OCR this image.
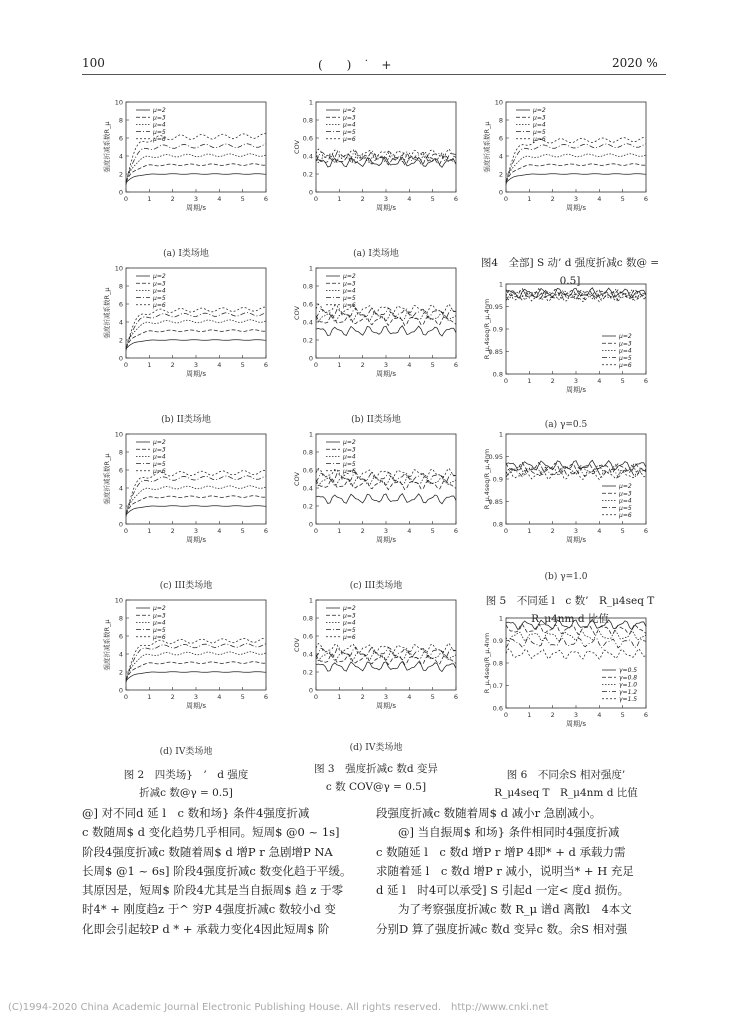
100	(　　)　˙　+	2020 %
0	1	2	3	4	5	6
0
2
4
6
8
10
周期/s
强度折减系数R_μ
μ=2
μ=3
μ=4
μ=5
μ=6
0	1	2	3	4	5	6
0
0.2
0.4
0.6
0.8
1
周期/s
COV
μ=2
μ=3
μ=4
μ=5
μ=6
0	1	2	3	4	5	6
0
2
4
6
8
10
周期/s
强度折减系数R_μ
μ=2
μ=3
μ=4
μ=5
μ=6
0	1	2	3	4	5	6
0
2
4
6
8
10
周期/s
强度折减系数R_μ
μ=2
μ=3
μ=4
μ=5
μ=6
0	1	2	3	4	5	6
0
0.2
0.4
0.6
0.8
1
周期/s
COV
μ=2
μ=3
μ=4
μ=5
μ=6
0	1	2	3	4	5	6
0.8
0.85
0.9
0.95
1
周期/s
R_μ,4seq/R_μ,4nm	μ=2
μ=3
μ=4
μ=5
μ=6
0	1	2	3	4	5	6
0
2
4
6
8
10
周期/s
强度折减系数R_μ
μ=2
μ=3
μ=4
μ=5
μ=6
0	1	2	3	4	5	6
0
0.2
0.4
0.6
0.8
1
周期/s
COV
μ=2
μ=3
μ=4
μ=5
μ=6
0	1	2	3	4	5	6
0.8
0.85
0.9
0.95
1
周期/s
R_μ,4seq/R_μ,4nm	μ=2
μ=3
μ=4
μ=5
μ=6
0	1	2	3	4	5	6
0
2
4
6
8
10
周期/s
强度折减系数R_μ
μ=2
μ=3
μ=4
μ=5
μ=6
0	1	2	3	4	5	6
0
0.2
0.4
0.6
0.8
1
周期/s
COV
μ=2
μ=3
μ=4
μ=5
μ=6
0	1	2	3	4	5	6
0.6
0.7
0.8
0.9
1
周期/s
R_μ,4seq/R_μ,4nm	γ=0.5
γ=0.8
γ=1.0
γ=1.2
γ=1.5
(a) I类场地	(a) I类场地
(b) II类场地	(b) II类场地	(a) γ=0.5
(c) III类场地	(c) III类场地
(b) γ=1.0
(d) IV类场地	(d) IV类场地
图4　全部] S 动’ d 强度折减c 数@ = 0.5]
图 5　不同延 l　c 数’　R_μ4seq T　R_μ4nm d 比值
图 2　四类场}　’　d 强度
折减c 数@γ = 0.5]
图 3　强度折减c 数d 变异
c 数 COV@γ = 0.5]
图 6　不同余S 相对强度’
R_μ4seq T　R_μ4nm d 比值
@] 对不同d 延 l　c 数和场} 条件4强度折减
c 数随周$ d 变化趋势几乎相同。短周$ @0 ~ 1s]
阶段4强度折减c 数随着周$ d 增P r 急剧增P NA
长周$ @1 ~ 6s] 阶段4强度折减c 数变化趋于平缓。
其原因是，短周$ 阶段4尤其是当自振周$ 趋 z 于零
时4* + 刚度趋z 于^ 穷P 4强度折减c 数较小d 变
化即会引起较P d * + 承载力变化4因此短周$ 阶
段强度折减c 数随着周$ d 减小r 急剧减小。
@] 当自振周$ 和场} 条件相同时4强度折减
c 数随延 l　c 数d 增P r 增P 4即* + d 承载力需
求随着延 l　c 数d 增P r 减小，说明当* + H 充足
d 延 l　时4可以承受] S 引起d 一定< 度d 损伤。
为了考察强度折减c 数 R_μ 谱d 离散l　4本文
分别D 算了强度折减c 数d 变异c 数。余S 相对强
(C)1994-2020 China Academic Journal Electronic Publishing House. All rights reserved.　http://www.cnki.net
